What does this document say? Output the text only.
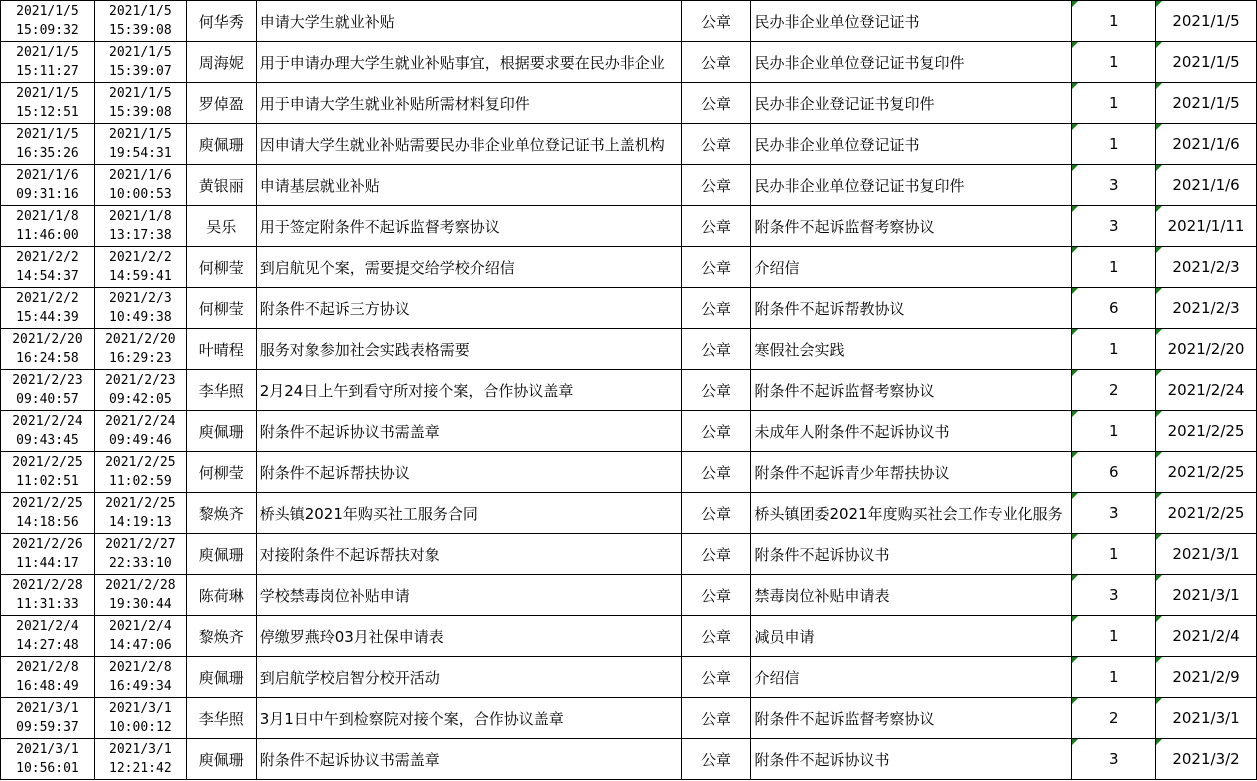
2021/1/5
15:09:32	2021/1/5
15:39:08	何华秀	申请大学生就业补贴	公章	民办非企业单位登记证书	1	2021/1/5

2021/1/5
15:11:27	2021/1/5
15:39:07	周海妮	用于申请办理大学生就业补贴事宜，根据要求要在民办非企业	公章	民办非企业单位登记证书复印件	1	2021/1/5

2021/1/5
15:12:51	2021/1/5
15:39:08	罗倬盈	用于申请大学生就业补贴所需材料复印件	公章	民办非企业登记证书复印件	1	2021/1/5

2021/1/5
16:35:26	2021/1/5
19:54:31	庾佩珊	因申请大学生就业补贴需要民办非企业单位登记证书上盖机构	公章	民办非企业单位登记证书	1	2021/1/6

2021/1/6
09:31:16	2021/1/6
10:00:53	黄银丽	申请基层就业补贴	公章	民办非企业单位登记证书复印件	3	2021/1/6

2021/1/8
11:46:00	2021/1/8
13:17:38	吴乐	用于签定附条件不起诉监督考察协议	公章	附条件不起诉监督考察协议	3	2021/1/11

2021/2/2
14:54:37	2021/2/2
14:59:41	何柳莹	到启航见个案，需要提交给学校介绍信	公章	介绍信	1	2021/2/3

2021/2/2
15:44:39	2021/2/3
10:49:38	何柳莹	附条件不起诉三方协议	公章	附条件不起诉帮教协议	6	2021/2/3

2021/2/20
16:24:58	2021/2/20
16:29:23	叶晴程	服务对象参加社会实践表格需要	公章	寒假社会实践	1	2021/2/20

2021/2/23
09:40:57	2021/2/23
09:42:05	李华照	2月24日上午到看守所对接个案，合作协议盖章	公章	附条件不起诉监督考察协议	2	2021/2/24

2021/2/24
09:43:45	2021/2/24
09:49:46	庾佩珊	附条件不起诉协议书需盖章	公章	未成年人附条件不起诉协议书	1	2021/2/25

2021/2/25
11:02:51	2021/2/25
11:02:59	何柳莹	附条件不起诉帮扶协议	公章	附条件不起诉青少年帮扶协议	6	2021/2/25

2021/2/25
14:18:56	2021/2/25
14:19:13	黎焕齐	桥头镇2021年购买社工服务合同	公章	桥头镇团委2021年度购买社会工作专业化服务	3	2021/2/25

2021/2/26
11:44:17	2021/2/27
22:33:10	庾佩珊	对接附条件不起诉帮扶对象	公章	附条件不起诉协议书	1	2021/3/1

2021/2/28
11:31:33	2021/2/28
19:30:44	陈荷琳	学校禁毒岗位补贴申请	公章	禁毒岗位补贴申请表	3	2021/3/1

2021/2/4
14:27:48	2021/2/4
14:47:06	黎焕齐	停缴罗燕玲03月社保申请表	公章	减员申请	1	2021/2/4

2021/2/8
16:48:49	2021/2/8
16:49:34	庾佩珊	到启航学校启智分校开活动	公章	介绍信	1	2021/2/9

2021/3/1
09:59:37	2021/3/1
10:00:12	李华照	3月1日中午到检察院对接个案，合作协议盖章	公章	附条件不起诉监督考察协议	2	2021/3/1

2021/3/1
10:56:01	2021/3/1
12:21:42	庾佩珊	附条件不起诉协议书需盖章	公章	附条件不起诉协议书	3	2021/3/2
